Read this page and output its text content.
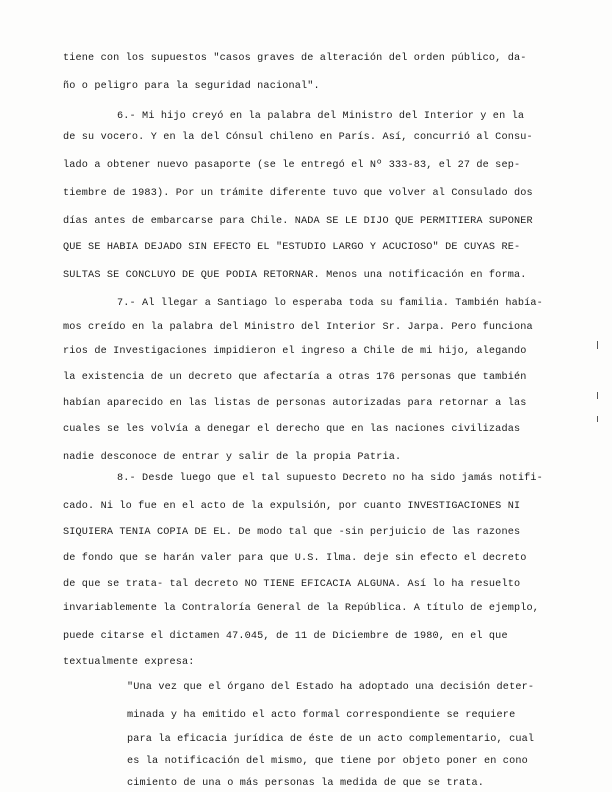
tiene con los supuestos "casos graves de alteración del orden público, da-
ño o peligro para la seguridad nacional".
6.- Mi hijo creyó en la palabra del Ministro del Interior y en la
de su vocero. Y en la del Cónsul chileno en París. Así, concurrió al Consu-
lado a obtener nuevo pasaporte (se le entregó el Nº 333-83, el 27 de sep-
tiembre de 1983). Por un trámite diferente tuvo que volver al Consulado dos
días antes de embarcarse para Chile. NADA SE LE DIJO QUE PERMITIERA SUPONER
QUE SE HABIA DEJADO SIN EFECTO EL "ESTUDIO LARGO Y ACUCIOSO" DE CUYAS RE-
SULTAS SE CONCLUYO DE QUE PODIA RETORNAR. Menos una notificación en forma.
7.- Al llegar a Santiago lo esperaba toda su familia. También había-
mos creído en la palabra del Ministro del Interior Sr. Jarpa. Pero funciona
rios de Investigaciones impidieron el ingreso a Chile de mi hijo, alegando
la existencia de un decreto que afectaría a otras 176 personas que también
habían aparecido en las listas de personas autorizadas para retornar a las
cuales se les volvía a denegar el derecho que en las naciones civilizadas
nadie desconoce de entrar y salir de la propia Patria.
8.- Desde luego que el tal supuesto Decreto no ha sido jamás notifi-
cado. Ni lo fue en el acto de la expulsión, por cuanto INVESTIGACIONES NI
SIQUIERA TENIA COPIA DE EL. De modo tal que -sin perjuicio de las razones
de fondo que se harán valer para que U.S. Ilma. deje sin efecto el decreto
de que se trata- tal decreto NO TIENE EFICACIA ALGUNA. Así lo ha resuelto
invariablemente la Contraloría General de la República. A título de ejemplo,
puede citarse el dictamen 47.045, de 11 de Diciembre de 1980, en el que
textualmente expresa:
"Una vez que el órgano del Estado ha adoptado una decisión deter-
minada y ha emitido el acto formal correspondiente se requiere
para la eficacia jurídica de éste de un acto complementario, cual
es la notificación del mismo, que tiene por objeto poner en cono
cimiento de una o más personas la medida de que se trata.
